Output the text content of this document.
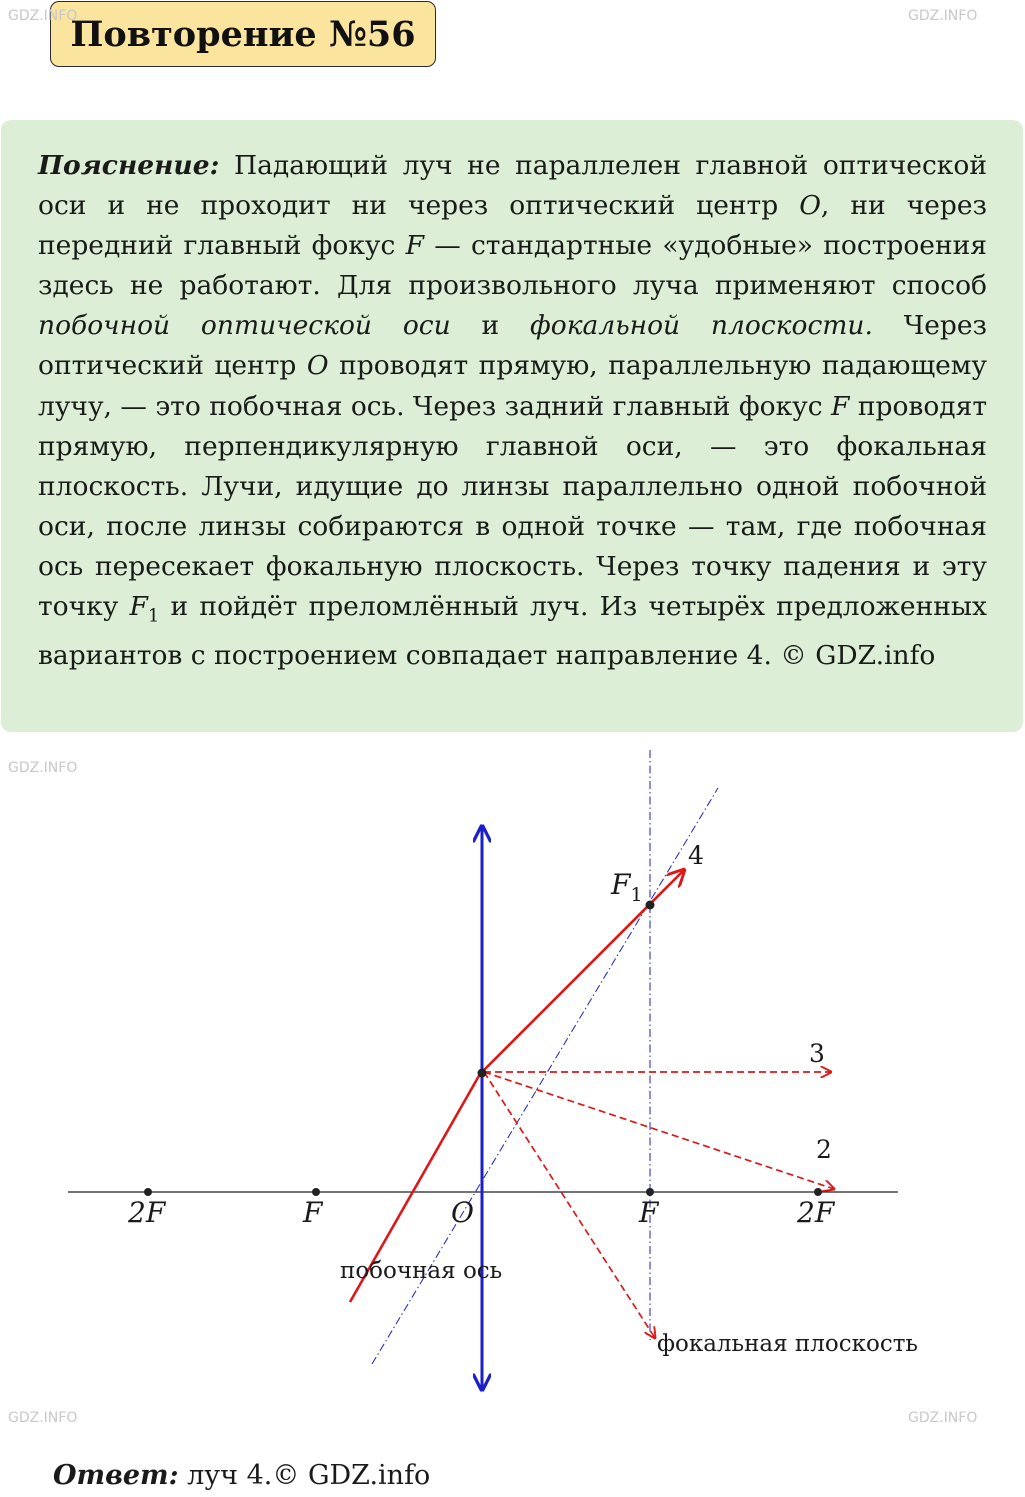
Повторение №56
Пояснение: Падающий луч не параллелен главной оптической оси и не проходит ни через оптический центр O, ни через передний главный фокус F — стандартные «удобные» построения здесь не работают. Для произвольного луча применяют способ побочной оптической оси и фокальной плоскости. Через оптический центр O проводят прямую, параллельную падающему лучу, — это побочная ось. Через задний главный фокус F проводят прямую, перпендикулярную главной оси, — это фокальная плоскость. Лучи, идущие до линзы параллельно одной побочной оси, после линзы собираются в одной точке — там, где побочная ось пересекает фокальную плоскость. Через точку падения и эту точку $F_1$ и пойдёт преломлённый луч. Из четырёх предложенных вариантов с построением совпадает направление 4. © GDZ.info
2F	F	O	F	2F
$F_1$
4
3
2
побочная ось
фокальная плоскость
Ответ: луч 4.© GDZ.info
GDZ.INFO	GDZ.INFO
GDZ.INFO
GDZ.INFO	GDZ.INFO
